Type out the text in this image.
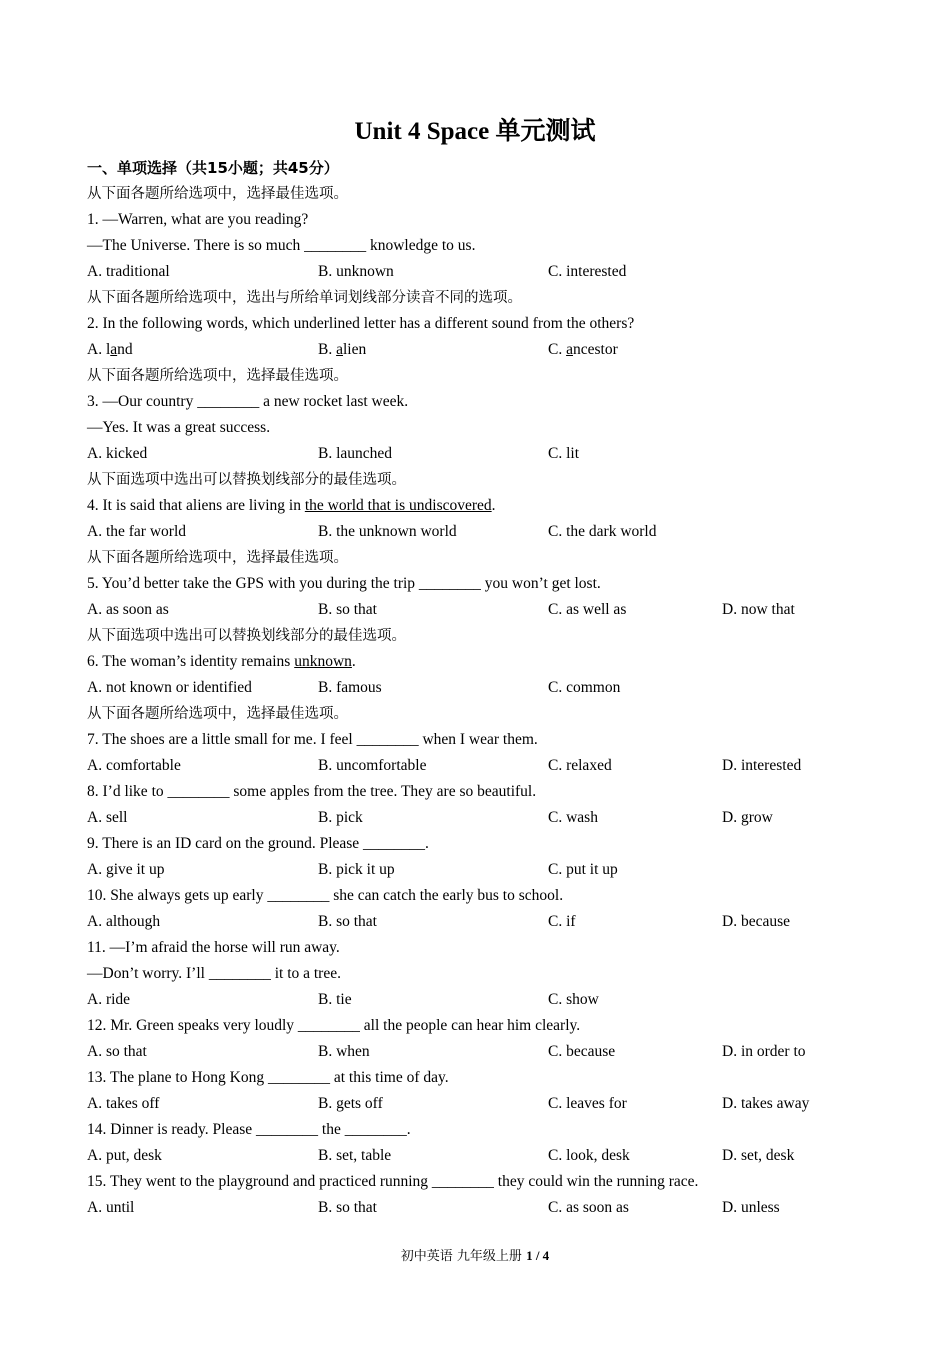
Unit 4 Space 单元测试
一、单项选择（共15小题；共45分）
从下面各题所给选项中，选择最佳选项。
1. —Warren, what are you reading?
—The Universe. There is so much ________ knowledge to us.
A. traditional	B. unknown	C. interested
从下面各题所给选项中，选出与所给单词划线部分读音不同的选项。
2. In the following words, which underlined letter has a different sound from the others?
A. land	B. alien	C. ancestor
从下面各题所给选项中，选择最佳选项。
3. —Our country ________ a new rocket last week.
—Yes. It was a great success.
A. kicked	B. launched	C. lit
从下面选项中选出可以替换划线部分的最佳选项。
4. It is said that aliens are living in the world that is undiscovered.
A. the far world	B. the unknown world	C. the dark world
从下面各题所给选项中，选择最佳选项。
5. You’d better take the GPS with you during the trip ________ you won’t get lost.
A. as soon as	B. so that	C. as well as	D. now that
从下面选项中选出可以替换划线部分的最佳选项。
6. The woman’s identity remains unknown.
A. not known or identified	B. famous	C. common
从下面各题所给选项中，选择最佳选项。
7. The shoes are a little small for me. I feel ________ when I wear them.
A. comfortable	B. uncomfortable	C. relaxed	D. interested
8. I’d like to ________ some apples from the tree. They are so beautiful.
A. sell	B. pick	C. wash	D. grow
9. There is an ID card on the ground. Please ________.
A. give it up	B. pick it up	C. put it up
10. She always gets up early ________ she can catch the early bus to school.
A. although	B. so that	C. if	D. because
11. —I’m afraid the horse will run away.
—Don’t worry. I’ll ________ it to a tree.
A. ride	B. tie	C. show
12. Mr. Green speaks very loudly ________ all the people can hear him clearly.
A. so that	B. when	C. because	D. in order to
13. The plane to Hong Kong ________ at this time of day.
A. takes off	B. gets off	C. leaves for	D. takes away
14. Dinner is ready. Please ________ the ________.
A. put, desk	B. set, table	C. look, desk	D. set, desk
15. They went to the playground and practiced running ________ they could win the running race.
A. until	B. so that	C. as soon as	D. unless
初中英语 九年级上册 1 / 4
